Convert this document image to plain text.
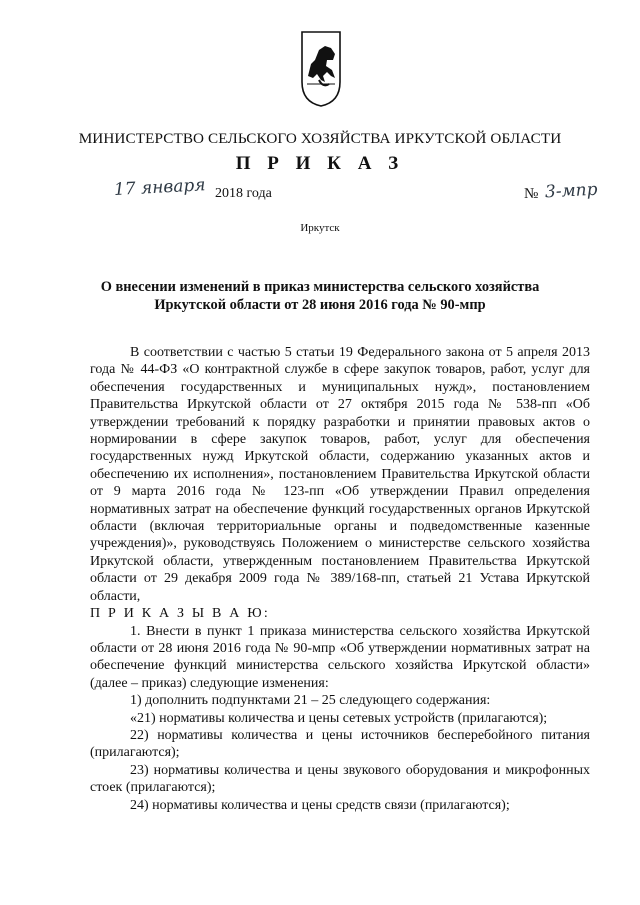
МИНИСТЕРСТВО СЕЛЬСКОГО ХОЗЯЙСТВА ИРКУТСКОЙ ОБЛАСТИ
П Р И К А З
17 января 2018 года	№ 3-мпр
Иркутск
О внесении изменений в приказ министерства сельского хозяйства
Иркутской области от 28 июня 2016 года № 90-мпр

В соответствии с частью 5 статьи 19 Федерального закона от 5 апреля 2013 года № 44-ФЗ «О контрактной службе в сфере закупок товаров, работ, услуг для обеспечения государственных и муниципальных нужд», постановлением Правительства Иркутской области от 27 октября 2015 года № 538-пп «Об утверждении требований к порядку разработки и принятии правовых актов о нормировании в сфере закупок товаров, работ, услуг для обеспечения государственных нужд Иркутской области, содержанию указанных актов и обеспечению их исполнения», постановлением Правительства Иркутской области от 9 марта 2016 года № 123-пп «Об утверждении Правил определения нормативных затрат на обеспечение функций государственных органов Иркутской области (включая территориальные органы и подведомственные казенные учреждения)», руководствуясь Положением о министерстве сельского хозяйства Иркутской области, утвержденным постановлением Правительства Иркутской области от 29 декабря 2009 года № 389/168-пп, статьей 21 Устава Иркутской области,

П Р И К А З Ы В А Ю:

1. Внести в пункт 1 приказа министерства сельского хозяйства Иркутской области от 28 июня 2016 года № 90-мпр «Об утверждении нормативных затрат на обеспечение функций министерства сельского хозяйства Иркутской области» (далее – приказ) следующие изменения:

1) дополнить подпунктами 21 – 25 следующего содержания:

«21) нормативы количества и цены сетевых устройств (прилагаются);

22) нормативы количества и цены источников бесперебойного питания (прилагаются);

23) нормативы количества и цены звукового оборудования и микрофонных стоек (прилагаются);

24) нормативы количества и цены средств связи (прилагаются);
